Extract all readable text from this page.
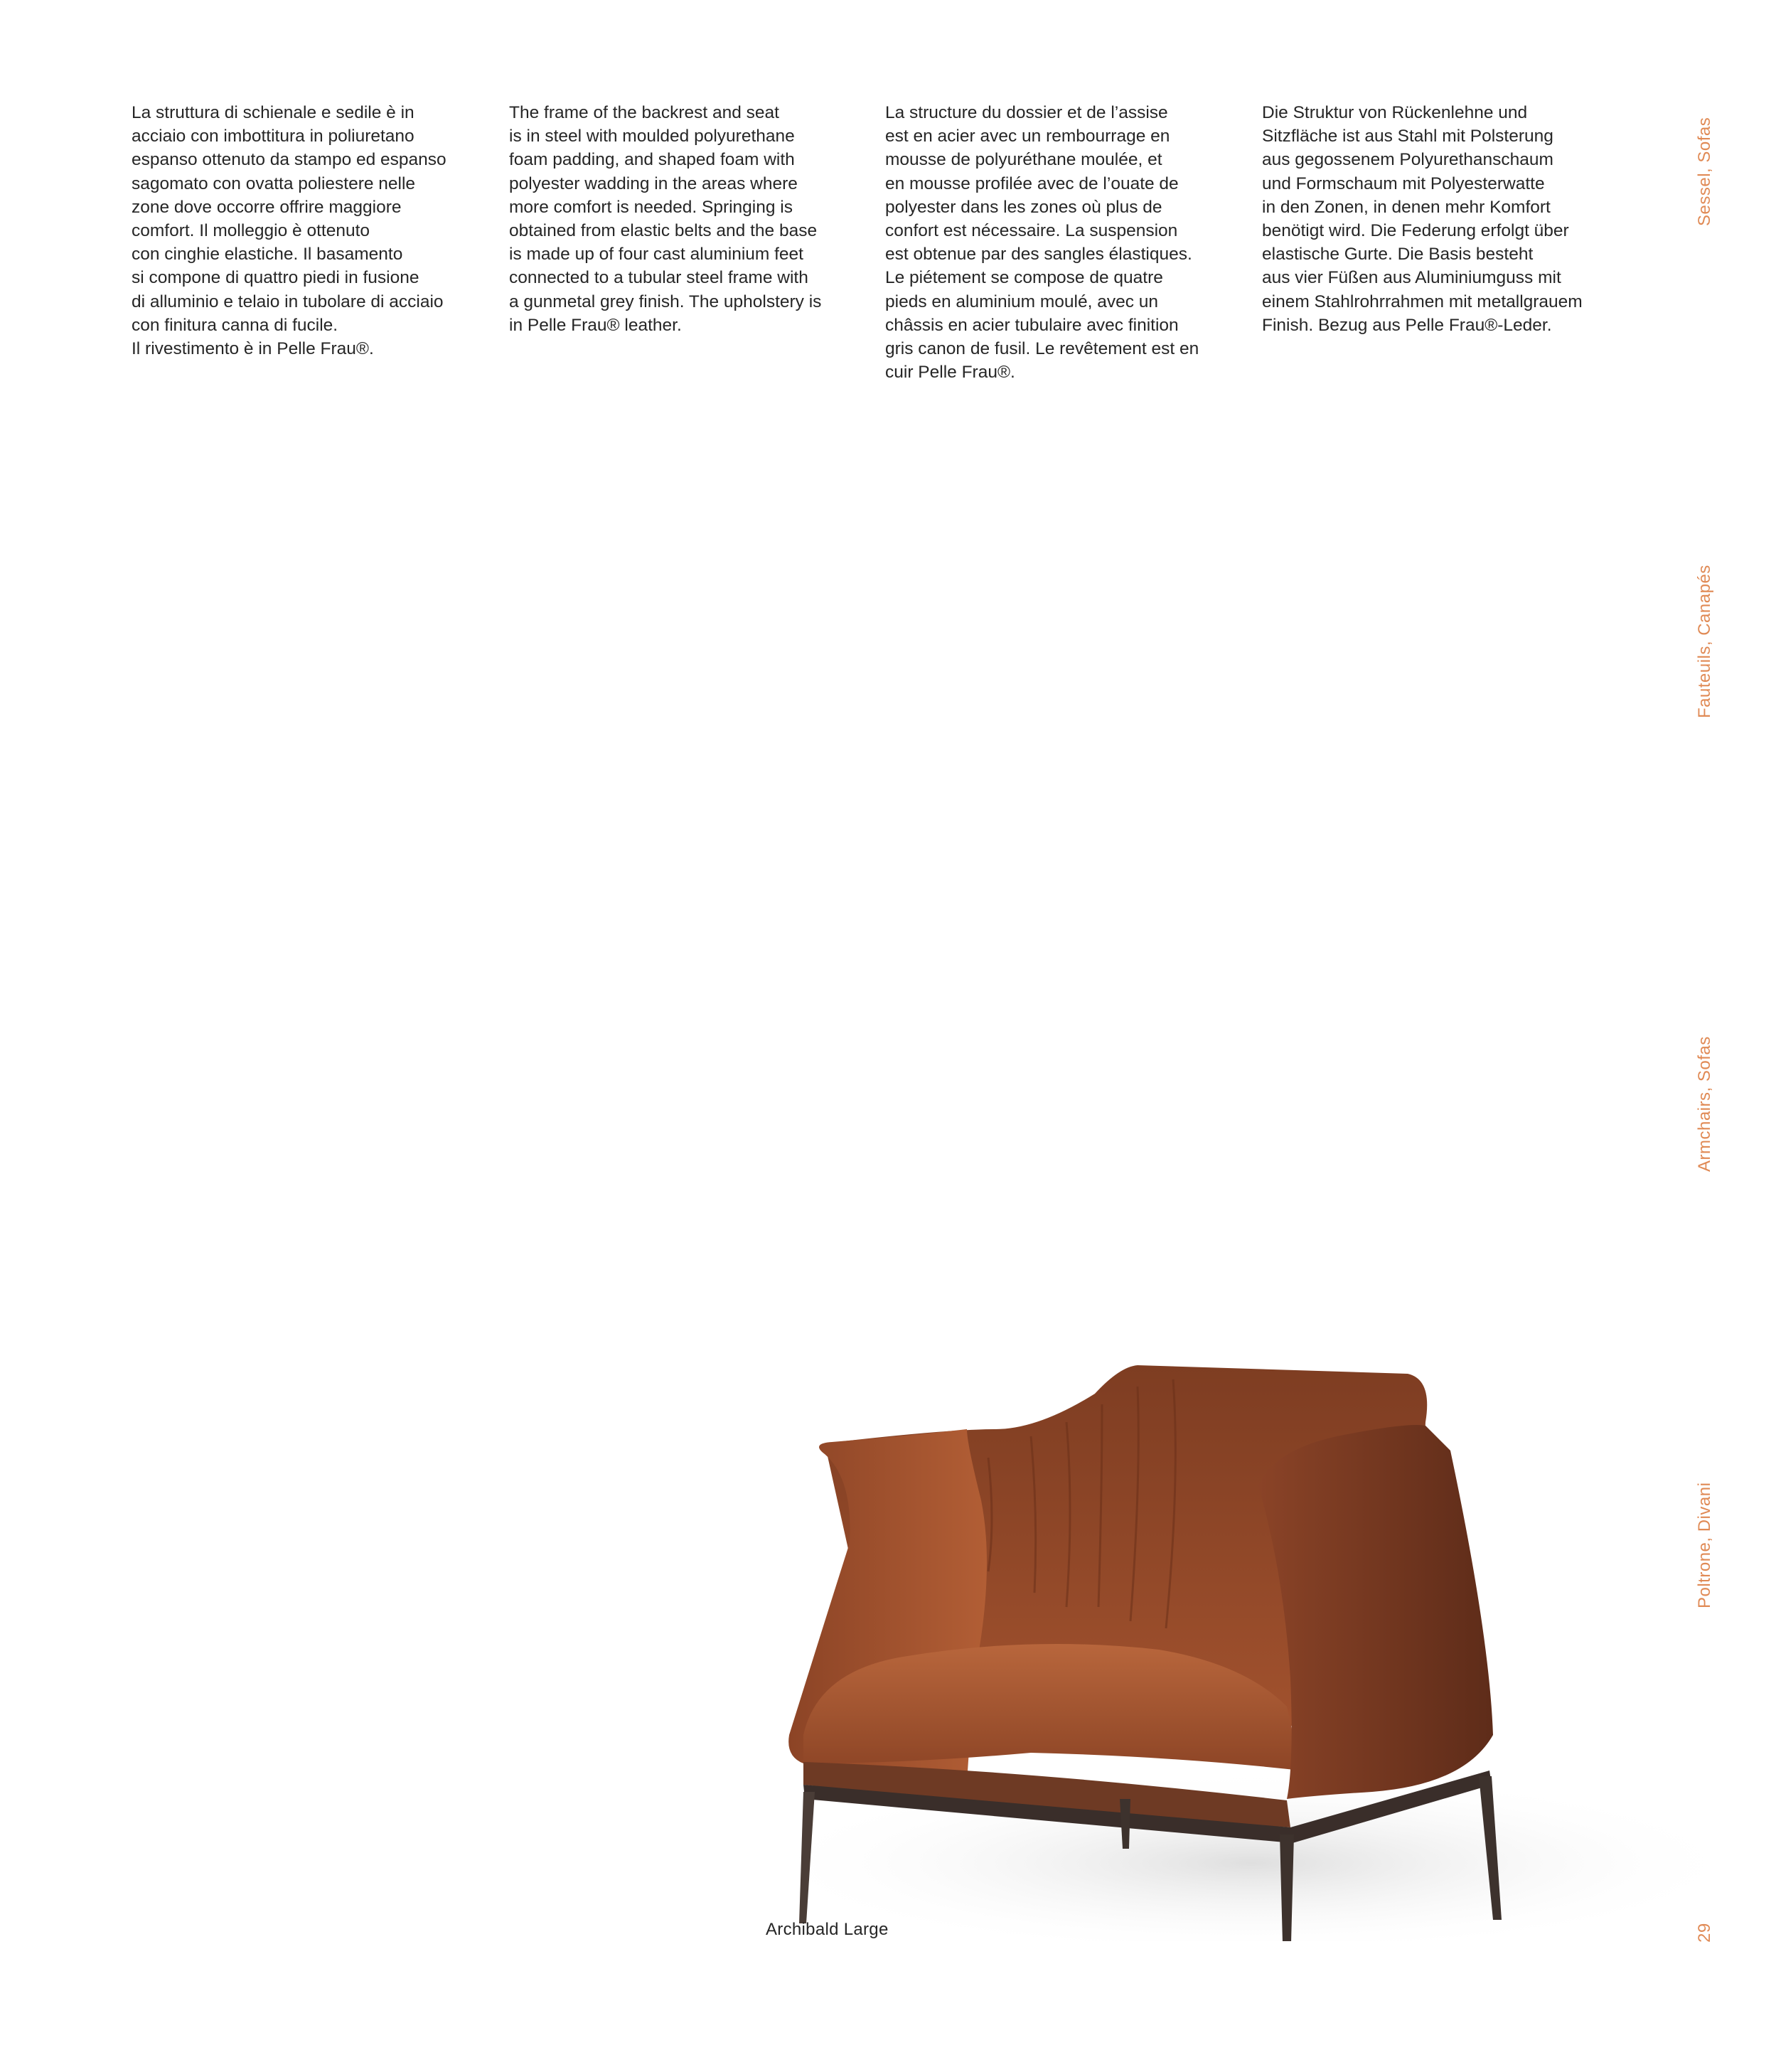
La struttura di schienale e sedile è in
acciaio con imbottitura in poliuretano
espanso ottenuto da stampo ed espanso
sagomato con ovatta poliestere nelle
zone dove occorre offrire maggiore
comfort. Il molleggio è ottenuto
con cinghie elastiche. Il basamento
si compone di quattro piedi in fusione
di alluminio e telaio in tubolare di acciaio
con finitura canna di fucile.
Il rivestimento è in Pelle Frau®.

The frame of the backrest and seat
is in steel with moulded polyurethane
foam padding, and shaped foam with
polyester wadding in the areas where
more comfort is needed. Springing is
obtained from elastic belts and the base
is made up of four cast aluminium feet
connected to a tubular steel frame with
a gunmetal grey finish. The upholstery is
in Pelle Frau® leather.

La structure du dossier et de l’assise
est en acier avec un rembourrage en
mousse de polyuréthane moulée, et
en mousse profilée avec de l’ouate de
polyester dans les zones où plus de
confort est nécessaire. La suspension
est obtenue par des sangles élastiques.
Le piétement se compose de quatre
pieds en aluminium moulé, avec un
châssis en acier tubulaire avec finition
gris canon de fusil. Le revêtement est en
cuir Pelle Frau®.

Die Struktur von Rückenlehne und
Sitzfläche ist aus Stahl mit Polsterung
aus gegossenem Polyurethanschaum
und Formschaum mit Polyesterwatte
in den Zonen, in denen mehr Komfort
benötigt wird. Die Federung erfolgt über
elastische Gurte. Die Basis besteht
aus vier Füßen aus Aluminiumguss mit
einem Stahlrohrrahmen mit metallgrauem
Finish. Bezug aus Pelle Frau®-Leder.

Sessel, Sofas
Fauteuils, Canapés
Armchairs, Sofas
Poltrone, Divani
29

Archibald Large
